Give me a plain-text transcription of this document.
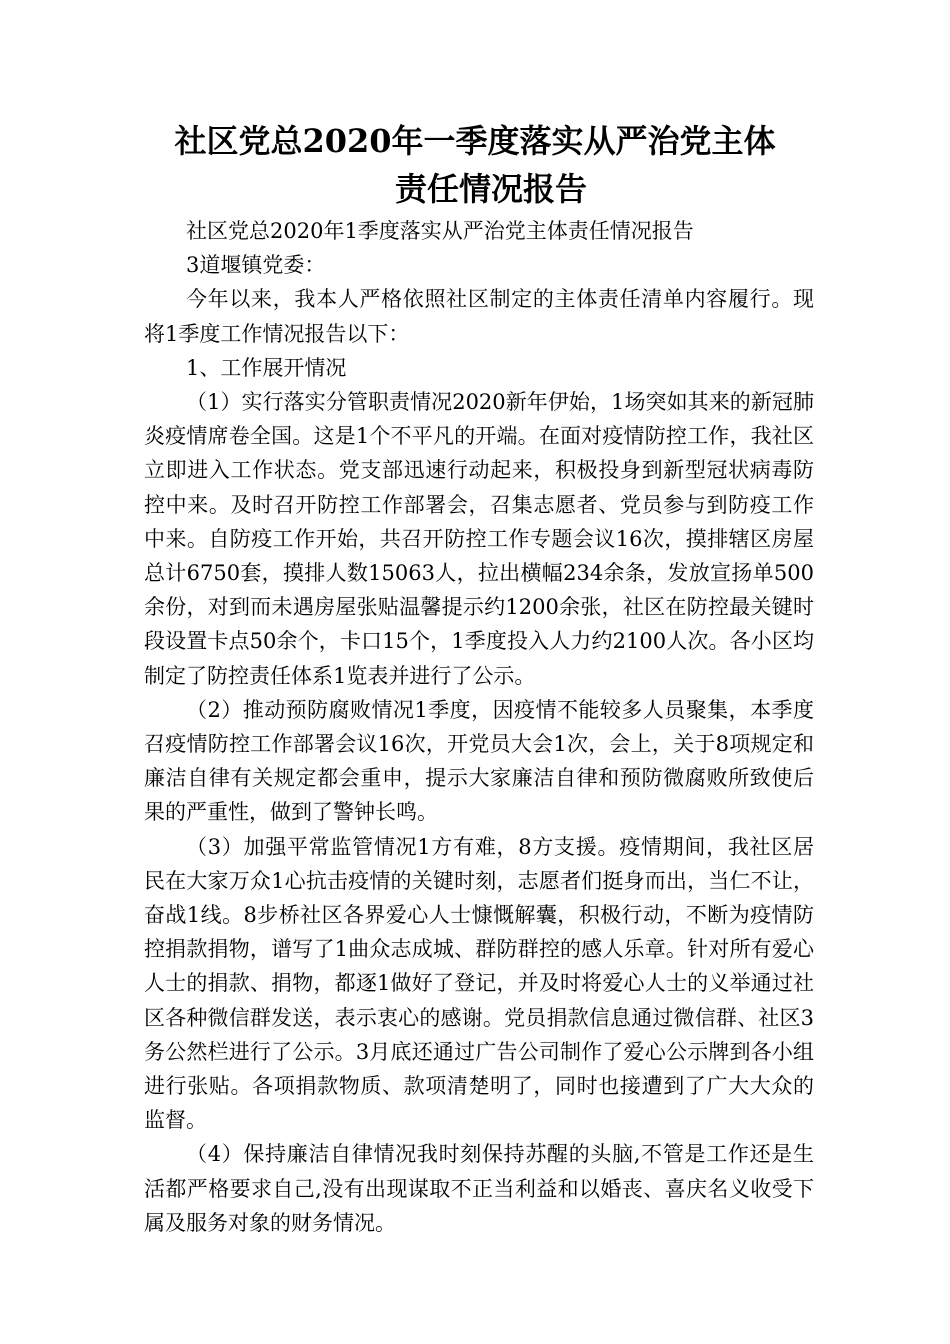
社区党总2020年一季度落实从严治党主体
责任情况报告

社区党总2020年1季度落实从严治党主体责任情况报告

3道堰镇党委：

今年以来，我本人严格依照社区制定的主体责任清单内容履行。现将1季度工作情况报告以下：

1、工作展开情况

（1）实行落实分管职责情况2020新年伊始，1场突如其来的新冠肺炎疫情席卷全国。这是1个不平凡的开端。在面对疫情防控工作，我社区立即进入工作状态。党支部迅速行动起来，积极投身到新型冠状病毒防控中来。及时召开防控工作部署会，召集志愿者、党员参与到防疫工作中来。自防疫工作开始，共召开防控工作专题会议16次，摸排辖区房屋总计6750套，摸排人数15063人，拉出横幅234余条，发放宣扬单500余份，对到而未遇房屋张贴温馨提示约1200余张，社区在防控最关键时段设置卡点50余个，卡口15个，1季度投入人力约2100人次。各小区均制定了防控责任体系1览表并进行了公示。

（2）推动预防腐败情况1季度，因疫情不能较多人员聚集，本季度召疫情防控工作部署会议16次，开党员大会1次，会上，关于8项规定和廉洁自律有关规定都会重申，提示大家廉洁自律和预防微腐败所致使后果的严重性，做到了警钟长鸣。

（3）加强平常监管情况1方有难，8方支援。疫情期间，我社区居民在大家万众1心抗击疫情的关键时刻，志愿者们挺身而出，当仁不让，奋战1线。8步桥社区各界爱心人士慷慨解囊，积极行动，不断为疫情防控捐款捐物，谱写了1曲众志成城、群防群控的感人乐章。针对所有爱心人士的捐款、捐物，都逐1做好了登记，并及时将爱心人士的义举通过社区各种微信群发送，表示衷心的感谢。党员捐款信息通过微信群、社区3务公然栏进行了公示。3月底还通过广告公司制作了爱心公示牌到各小组进行张贴。各项捐款物质、款项清楚明了，同时也接遭到了广大大众的监督。

（4）保持廉洁自律情况我时刻保持苏醒的头脑,不管是工作还是生活都严格要求自己,没有出现谋取不正当利益和以婚丧、喜庆名义收受下属及服务对象的财务情况。
